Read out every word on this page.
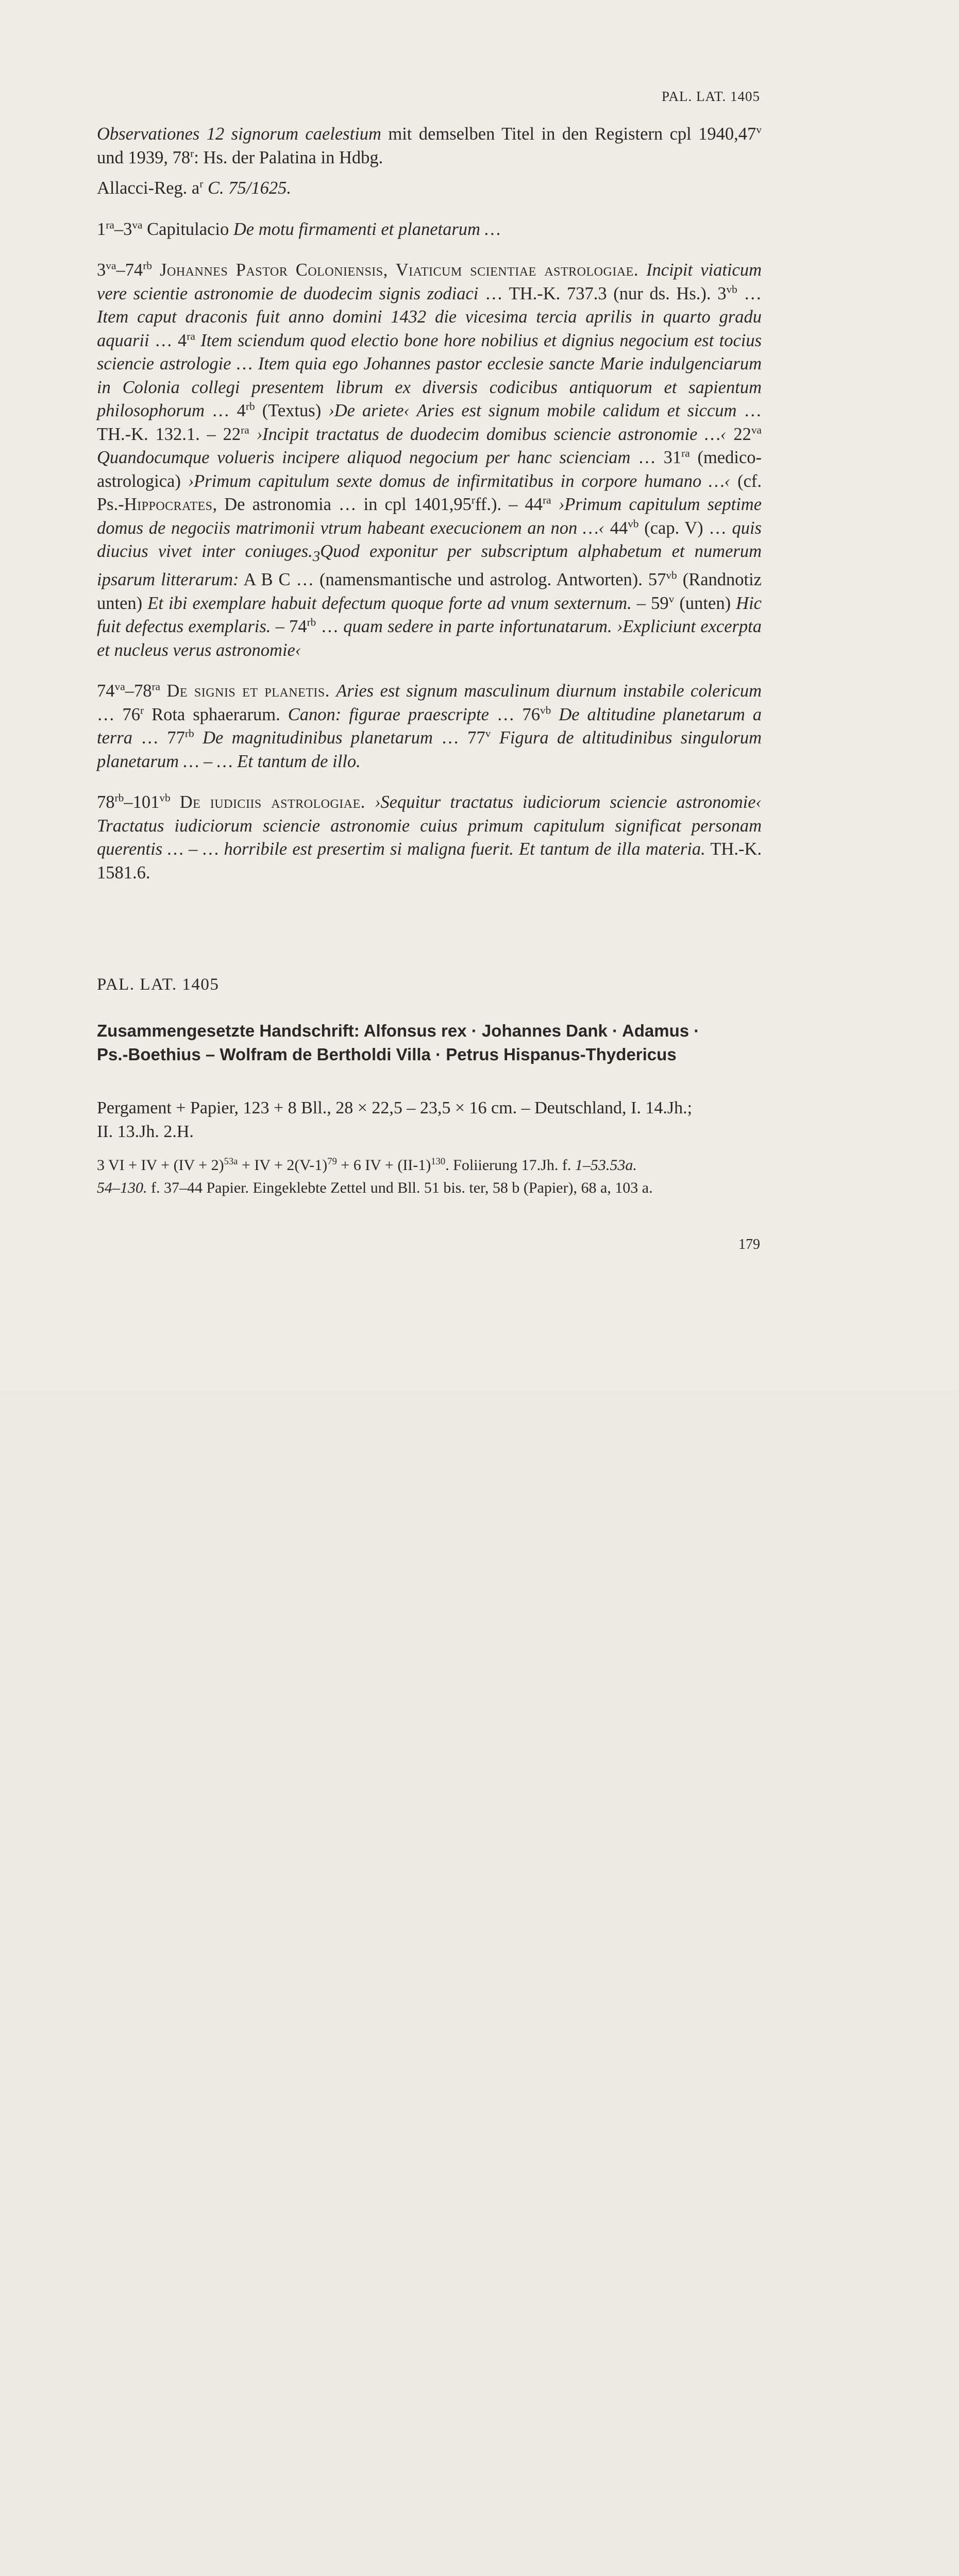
PAL. LAT. 1405

Observationes 12 signorum caelestium mit demselben Titel in den Registern cpl 1940,47$^v$ und 1939, 78$^r$: Hs. der Palatina in Hdbg.

Allacci-Reg. $a^r$ C. 75/1625.

$1^{ra}-3^{va}$ Capitulacio De motu firmamenti et planetarum …

$3^{va}-74^{rb}$ Johannes Pastor Coloniensis, Viaticum scientiae astrologiae. Incipit viaticum vere scientie astronomie de duodecim signis zodiaci … TH.-K. 737.3 (nur ds. Hs.). $3^{vb}$ … Item caput draconis fuit anno domini 1432 die vicesima tercia aprilis in quarto gradu aquarii … $4^{ra}$ Item sciendum quod electio bone hore nobilius et dignius negocium est tocius sciencie astrologie … Item quia ego Johannes pastor ecclesie sancte Marie indulgenciarum in Colonia collegi presentem librum ex diversis codicibus antiquorum et sapientum philosophorum … $4^{rb}$ (Textus) ›De ariete‹ Aries est signum mobile calidum et siccum … TH.-K. 132.1. – $22^{ra}$ ›Incipit tractatus de duodecim domibus sciencie astronomie …‹ $22^{va}$ Quandocumque volueris incipere aliquod negocium per hanc scienciam … $31^{ra}$ (medico-astrologica) ›Primum capitulum sexte domus de infirmitatibus in corpore humano …‹ (cf. Ps.-Hippocrates, De astronomia … in cpl 1401,95$^r$ff.). – $44^{ra}$ ›Primum capitulum septime domus de negociis matrimonii vtrum habeant execucionem an non …‹ $44^{vb}$ (cap. V) … quis diucius vivet inter $coniuges._3Quod$ exponitur per subscriptum alphabetum et numerum ipsarum litterarum: A B C … (namensmantische und astrolog. Antworten). $57^{vb}$ (Randnotiz unten) Et ibi exemplare habuit defectum quoque forte ad vnum sexternum. – 59$^v$ (unten) Hic fuit defectus exemplaris. – $74^{rb}$ … quam sedere in parte infortunatarum. ›Expliciunt excerpta et nucleus verus astronomie‹

$74^{va}-78^{ra}$ De signis et planetis. Aries est signum masculinum diurnum instabile colericum … 76$^r$ Rota sphaerarum. Canon: figurae praescripte … $76^{vb}$ De altitudine planetarum a terra … $77^{rb}$ De magnitudinibus planetarum … 77$^v$ Figura de altitudinibus singulorum planetarum … – … Et tantum de illo.

$78^{rb}-101^{vb}$ De iudiciis astrologiae. ›Sequitur tractatus iudiciorum sciencie astronomie‹ Tractatus iudiciorum sciencie astronomie cuius primum capitulum significat personam querentis … – … horribile est presertim si maligna fuerit. Et tantum de illa materia. TH.-K. 1581.6.

PAL. LAT. 1405
Zusammengesetzte Handschrift: Alfonsus rex · Johannes Dank · Adamus ·
Ps.-Boethius – Wolfram de Bertholdi Villa · Petrus Hispanus-Thydericus
Pergament + Papier, 123 + 8 Bll., 28 × 22,5 – 23,5 × 16 cm. – Deutschland, I. 14.Jh.;
II. 13.Jh. 2.H.
3 VI + IV + (IV + 2)$^{53a}$ + IV + $2(V-1)^{79} + 6$ IV + $(II-1)^{130}$. Foliierung 17.Jh. f. 1–53.53a.
54–130. f. 37–44 Papier. Eingeklebte Zettel und Bll. 51 bis. ter, 58 b (Papier), 68 a, 103 a.
179
